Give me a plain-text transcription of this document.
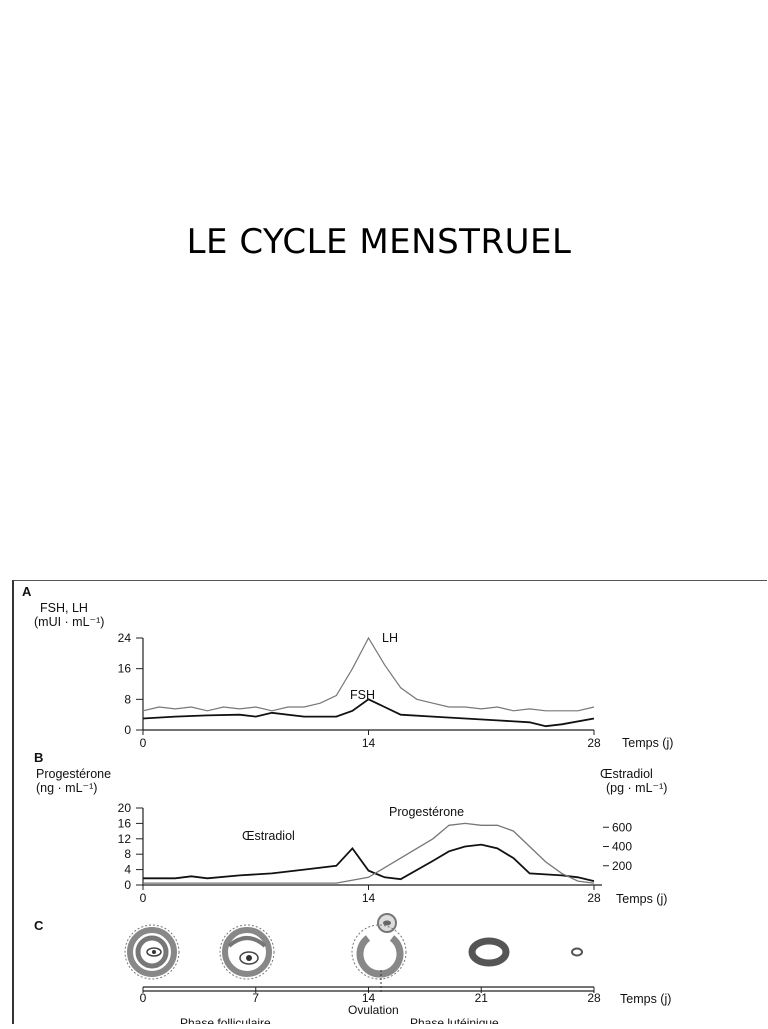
LE CYCLE MENSTRUEL
A
FSH, LH
(mUI · mL⁻¹)
0
8
16
24
0	14	28
LH
FSH
Temps (j)
B
Progestérone
(ng · mL⁻¹)
Œstradiol
(pg · mL⁻¹)
0
4
8
12
16
20
200
400
600
0	14	28
Œstradiol
Progestérone
Temps (j)
C
0	7	14	21	28 Temps (j)
Ovulation
Phase folliculaire	Phase lutéinique
